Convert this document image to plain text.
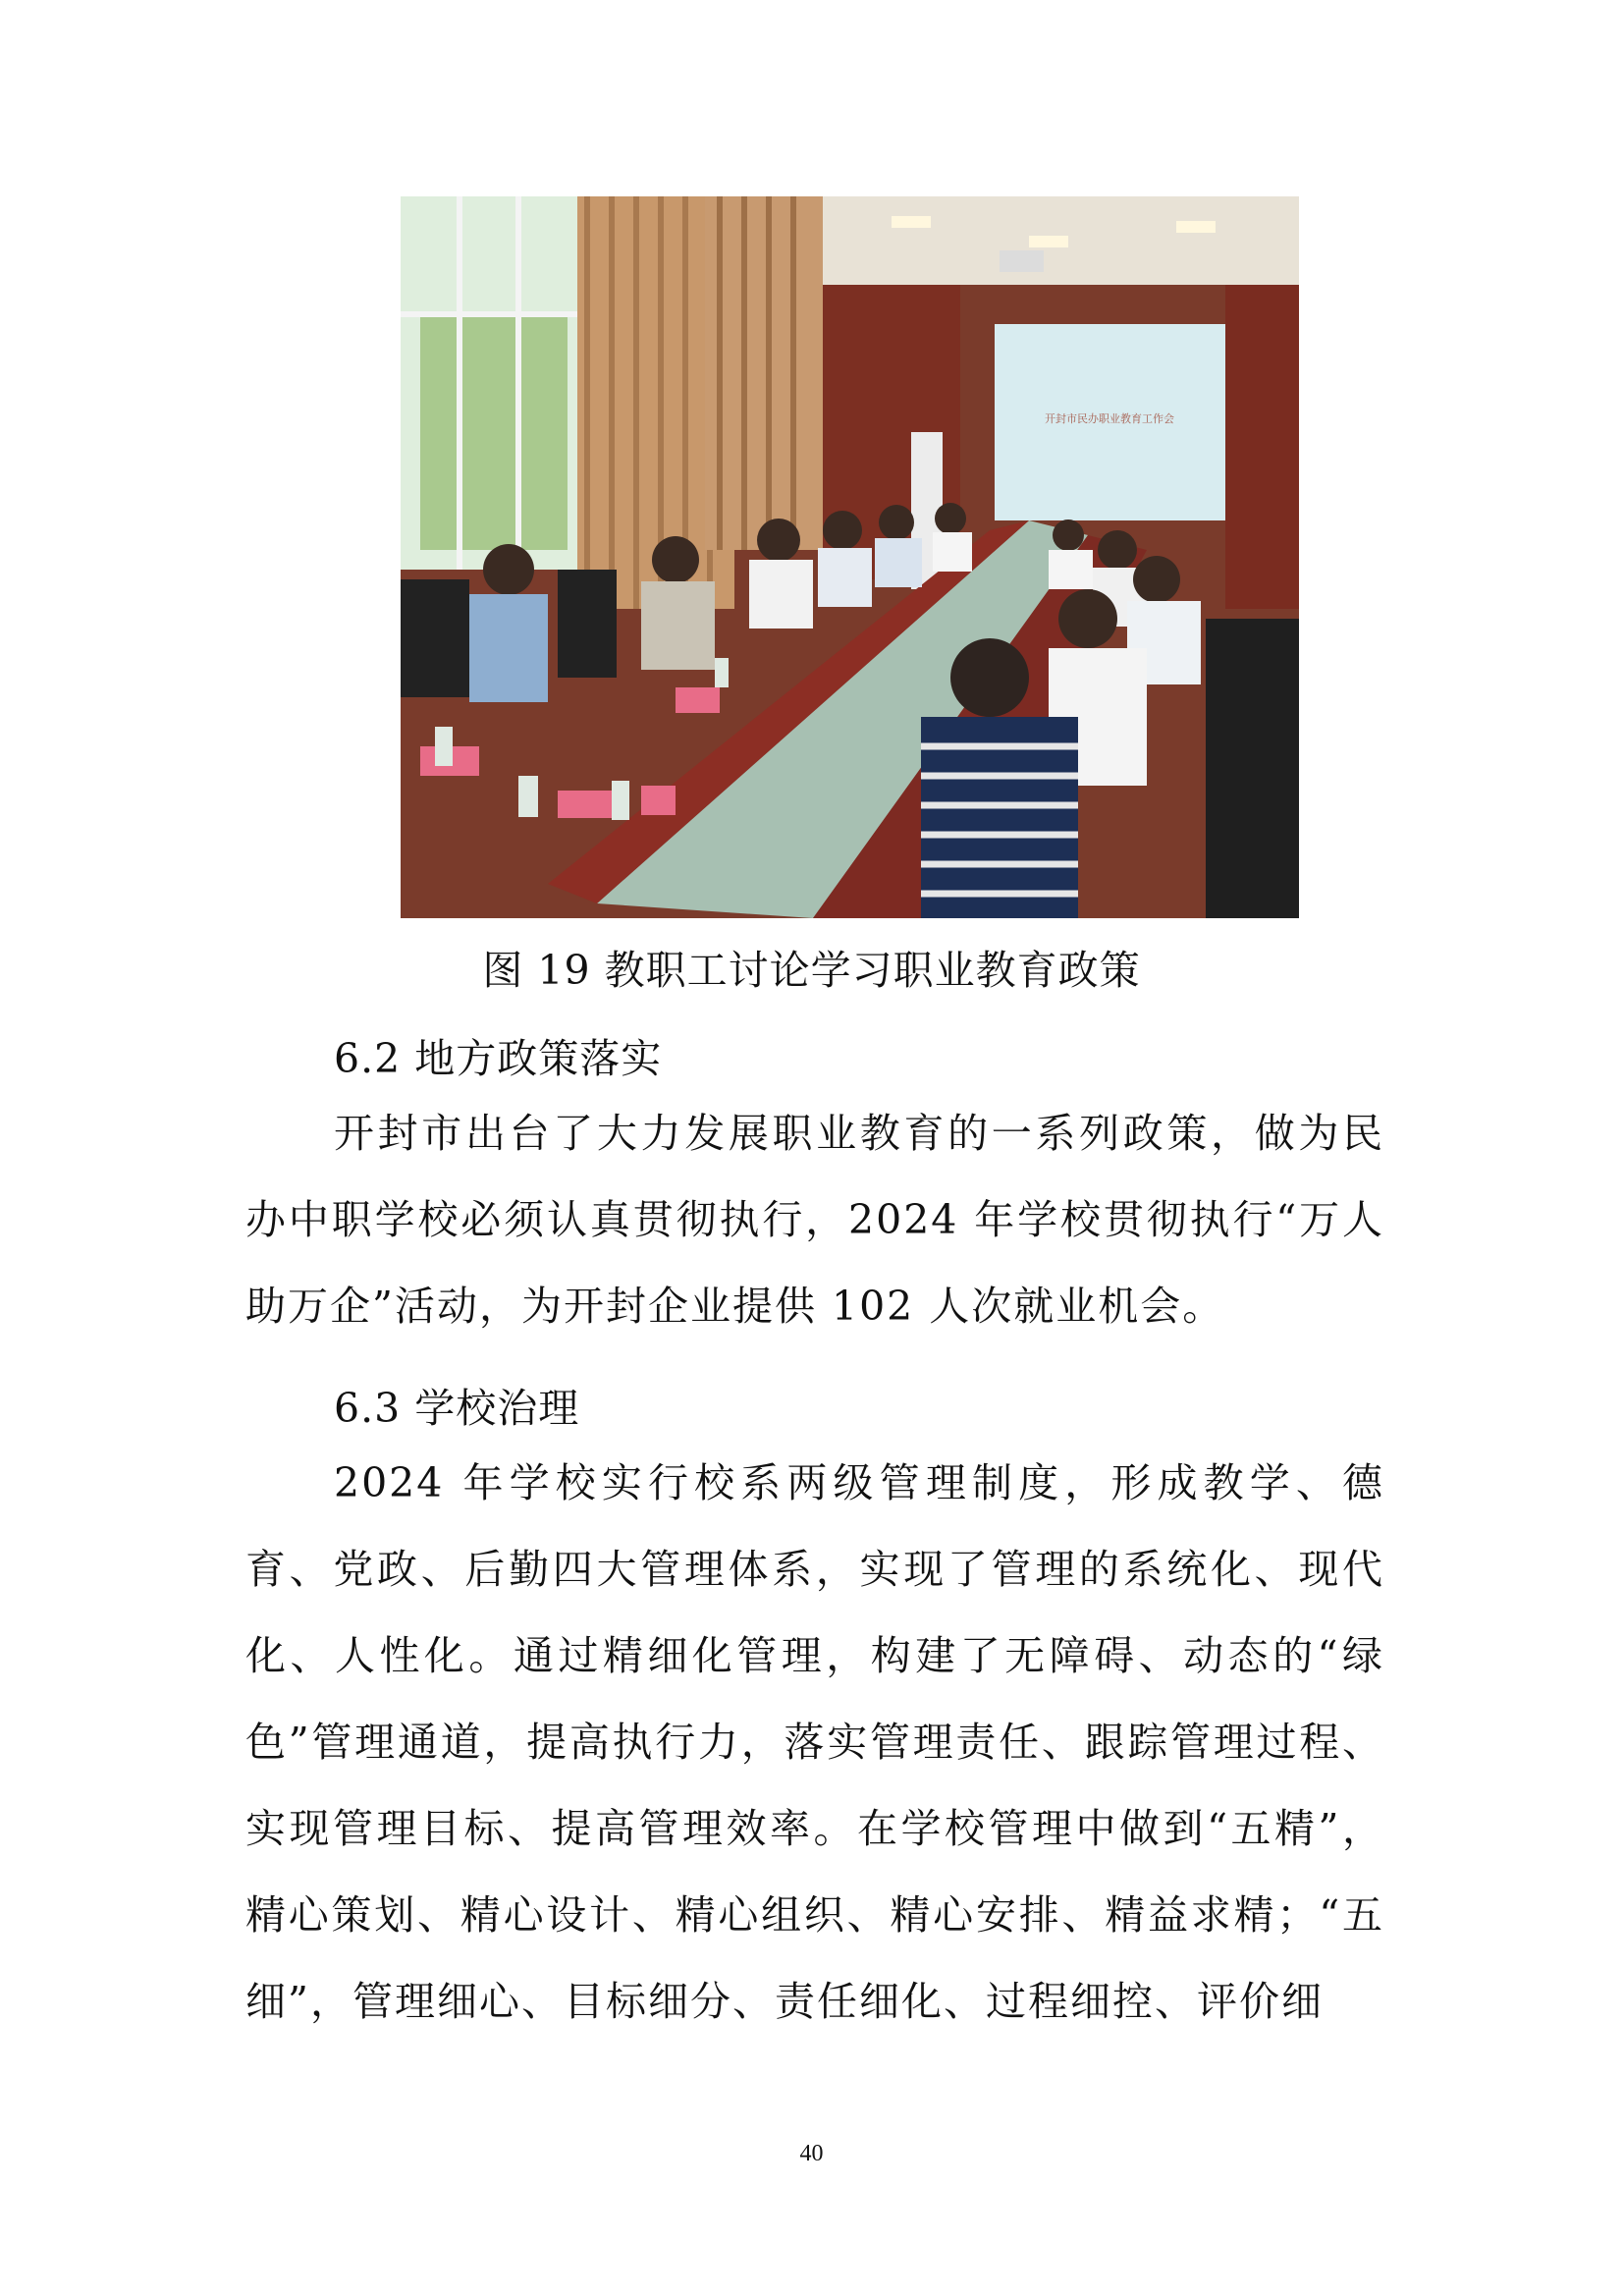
开封市民办职业教育工作会
图 19 教职工讨论学习职业教育政策
6.2 地方政策落实
开封市出台了大力发展职业教育的一系列政策，做为民办中职学校必须认真贯彻执行，2024 年学校贯彻执行“万人助万企”活动，为开封企业提供 102 人次就业机会。
6.3 学校治理
2024 年学校实行校系两级管理制度，形成教学、德育、党政、后勤四大管理体系，实现了管理的系统化、现代化、人性化。通过精细化管理，构建了无障碍、动态的“绿色”管理通道，提高执行力，落实管理责任、跟踪管理过程、实现管理目标、提高管理效率。在学校管理中做到“五精”，精心策划、精心设计、精心组织、精心安排、精益求精；“五细”，管理细心、目标细分、责任细化、过程细控、评价细
40
